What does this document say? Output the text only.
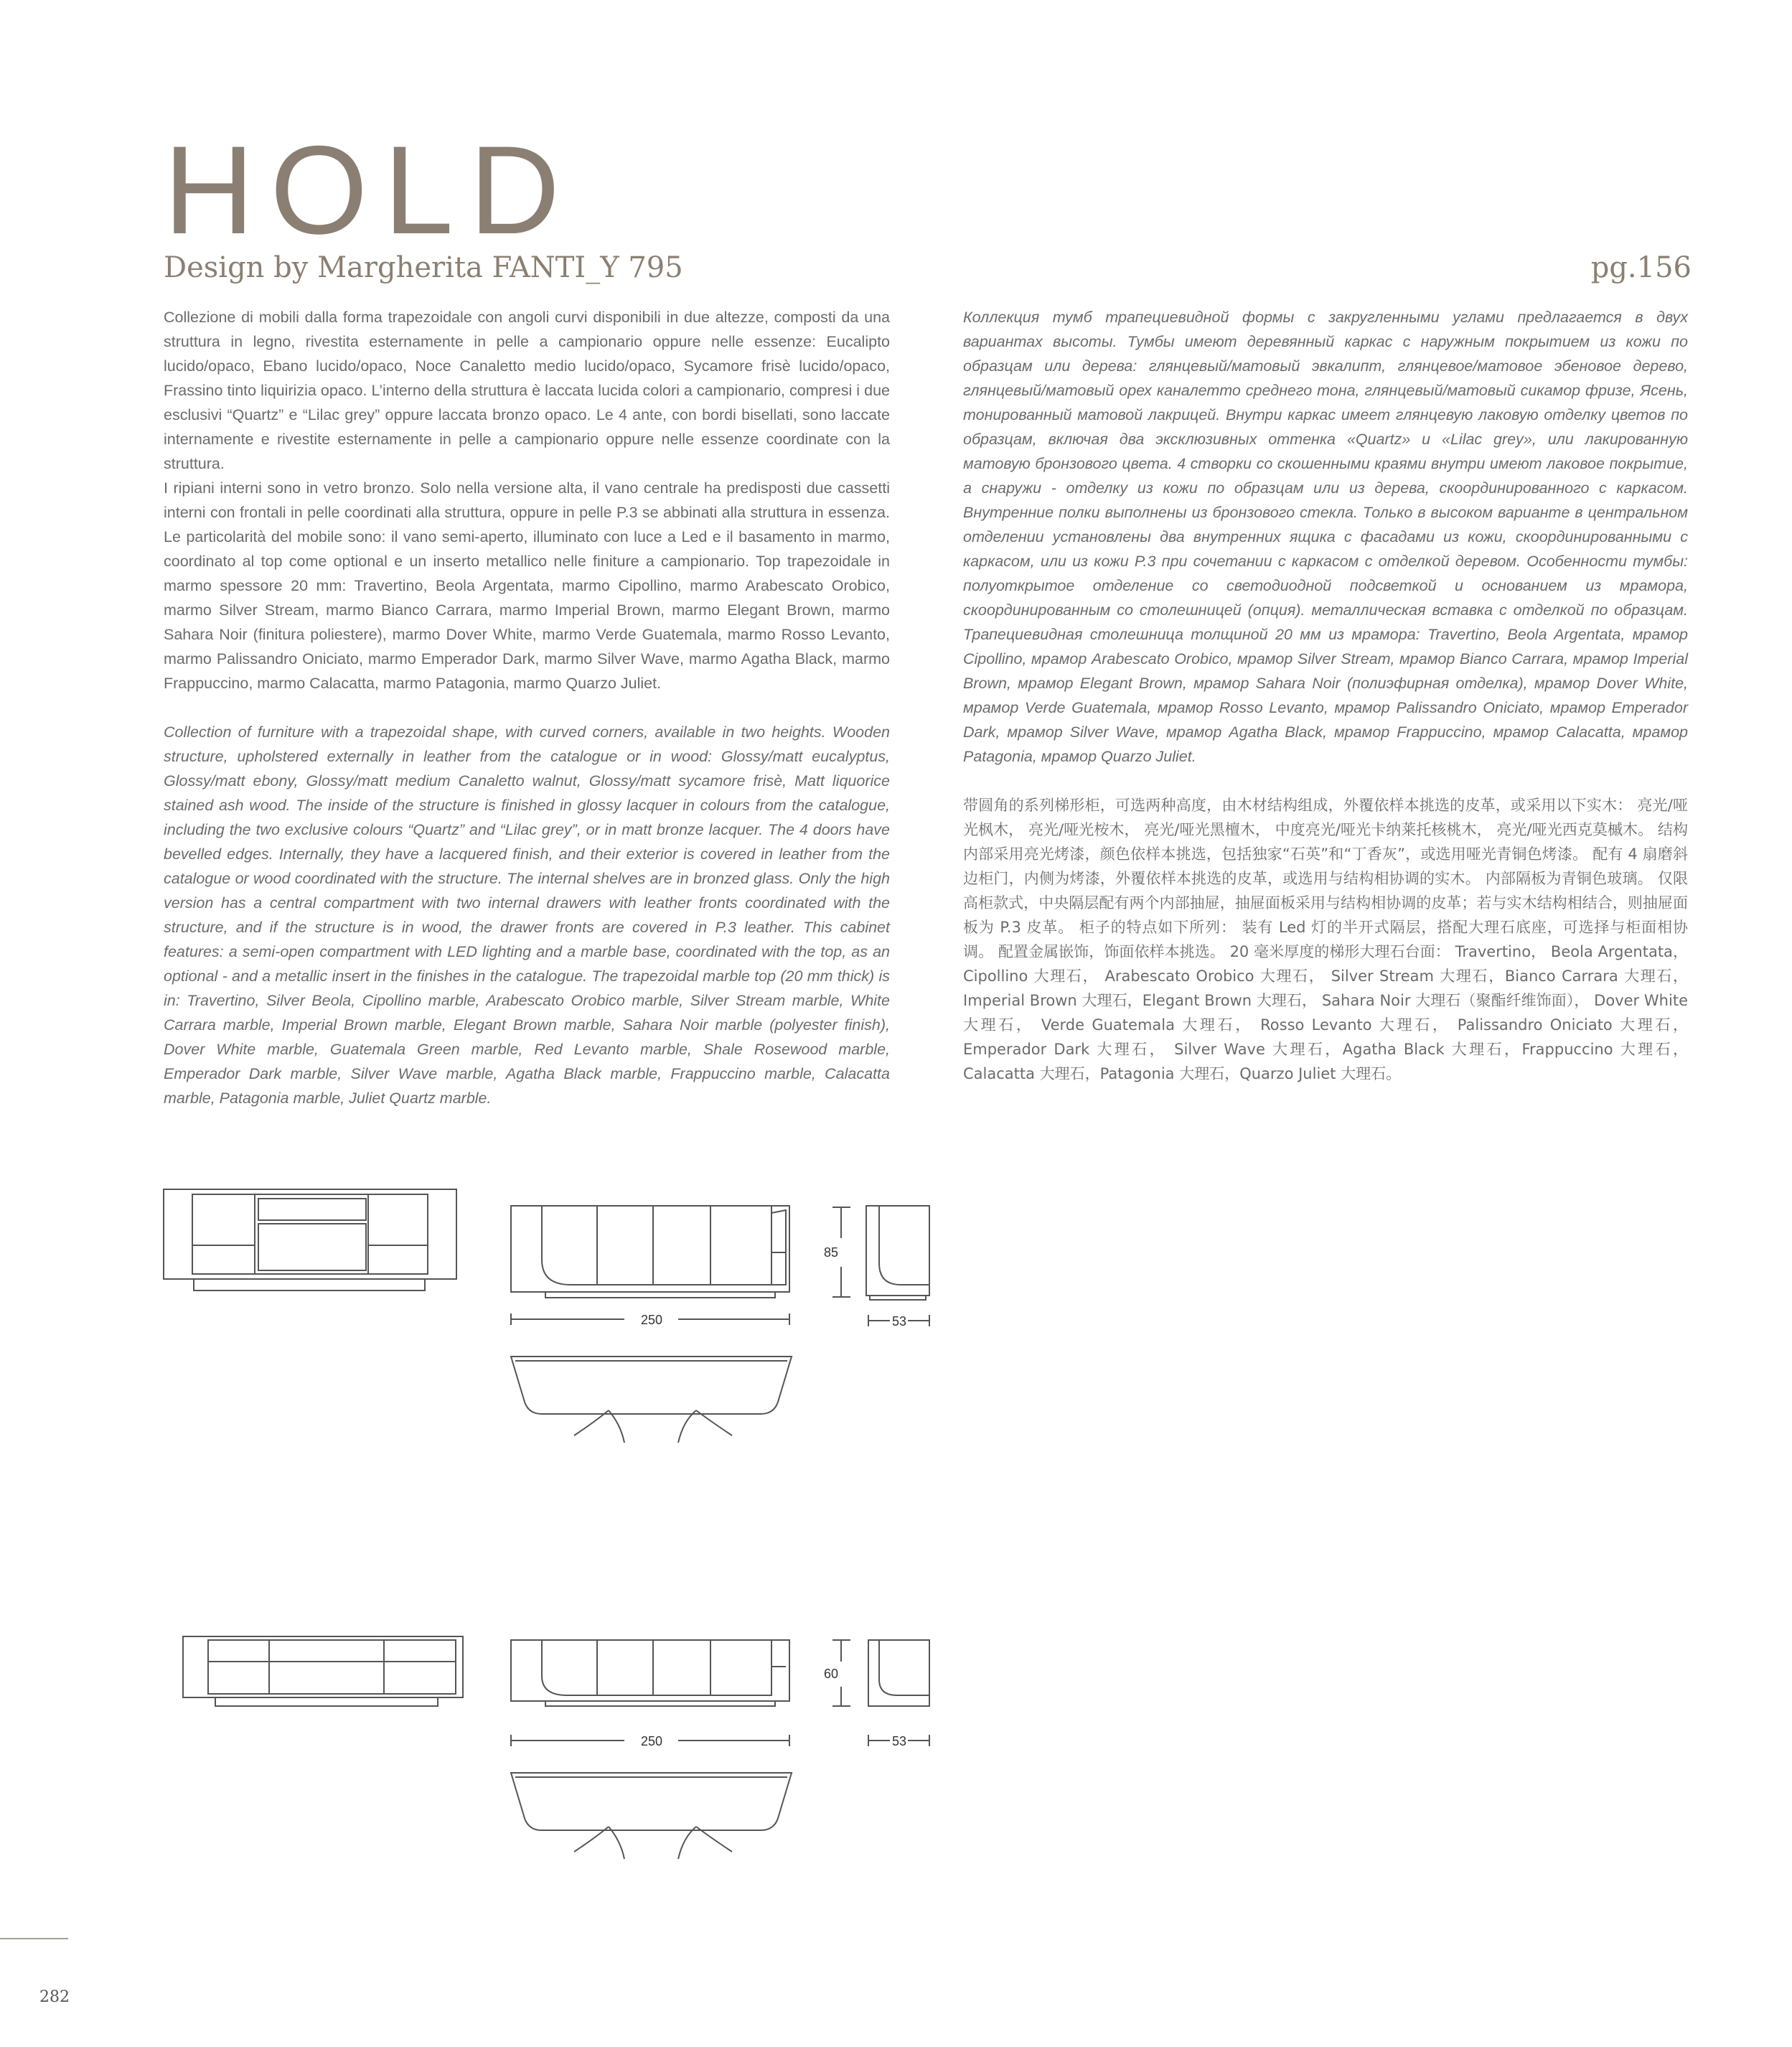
HOLD
Design by Margherita FANTI_Y 795	pg.156

Collezione di mobili dalla forma trapezoidale con angoli curvi disponibili in due altezze, composti da una struttura in legno, rivestita esternamente in pelle a campionario oppure nelle essenze: Eucalipto lucido/opaco, Ebano lucido/opaco, Noce Canaletto medio lucido/opaco, Sycamore frisè lucido/opaco, Frassino tinto liquirizia opaco. L’interno della struttura è laccata lucida colori a campionario, compresi i due esclusivi “Quartz” e “Lilac grey” oppure laccata bronzo opaco. Le 4 ante, con bordi bisellati, sono laccate internamente e rivestite esternamente in pelle a campionario oppure nelle essenze coordinate con la struttura.

I ripiani interni sono in vetro bronzo. Solo nella versione alta, il vano centrale ha predisposti due cassetti interni con frontali in pelle coordinati alla struttura, oppure in pelle P.3 se abbinati alla struttura in essenza. Le particolarità del mobile sono: il vano semi-aperto, illuminato con luce a Led e il basamento in marmo, coordinato al top come optional e un inserto metallico nelle finiture a campionario. Top trapezoidale in marmo spessore 20 mm: Travertino, Beola Argentata, marmo Cipollino, marmo Arabescato Orobico, marmo Silver Stream, marmo Bianco Carrara, marmo Imperial Brown, marmo Elegant Brown, marmo Sahara Noir (finitura poliestere), marmo Dover White, marmo Verde Guatemala, marmo Rosso Levanto, marmo Palissandro Oniciato, marmo Emperador Dark, marmo Silver Wave, marmo Agatha Black, marmo Frappuccino, marmo Calacatta, marmo Patagonia, marmo Quarzo Juliet.

Collection of furniture with a trapezoidal shape, with curved corners, available in two heights. Wooden structure, upholstered externally in leather from the catalogue or in wood: Glossy/matt eucalyptus, Glossy/matt ebony, Glossy/matt medium Canaletto walnut, Glossy/matt sycamore frisè, Matt liquorice stained ash wood. The inside of the structure is finished in glossy lacquer in colours from the catalogue, including the two exclusive colours “Quartz” and “Lilac grey”, or in matt bronze lacquer. The 4 doors have bevelled edges. Internally, they have a lacquered finish, and their exterior is covered in leather from the catalogue or wood coordinated with the structure. The internal shelves are in bronzed glass. Only the high version has a central compartment with two internal drawers with leather fronts coordinated with the structure, and if the structure is in wood, the drawer fronts are covered in P.3 leather. This cabinet features: a semi-open compartment with LED lighting and a marble base, coordinated with the top, as an optional - and a metallic insert in the finishes in the catalogue. The trapezoidal marble top (20 mm thick) is in: Travertino, Silver Beola, Cipollino marble, Arabescato Orobico marble, Silver Stream marble, White Carrara marble, Imperial Brown marble, Elegant Brown marble, Sahara Noir marble (polyester finish), Dover White marble, Guatemala Green marble, Red Levanto marble, Shale Rosewood marble, Emperador Dark marble, Silver Wave marble, Agatha Black marble, Frappuccino marble, Calacatta marble, Patagonia marble, Juliet Quartz marble.

Коллекция тумб трапециевидной формы с закругленными углами предлагается в двух вариантах высоты. Тумбы имеют деревянный каркас с наружным покрытием из кожи по образцам или дерева: глянцевый/матовый эвкалипт, глянцевое/матовое эбеновое дерево, глянцевый/матовый орех каналетто среднего тона, глянцевый/матовый сикамор фризе, Ясень, тонированный матовой лакрицей. Внутри каркас имеет глянцевую лаковую отделку цветов по образцам, включая два эксклюзивных оттенка «Quartz» и «Lilac grey», или лакированную матовую бронзового цвета. 4 створки со скошенными краями внутри имеют лаковое покрытие, а снаружи - отделку из кожи по образцам или из дерева, скоординированного с каркасом. Внутренние полки выполнены из бронзового стекла. Только в высоком варианте в центральном отделении установлены два внутренних ящика с фасадами из кожи, скоординированными с каркасом, или из кожи P.3 при сочетании с каркасом с отделкой деревом. Особенности тумбы: полуоткрытое отделение со светодиодной подсветкой и основанием из мрамора, скоординированным со столешницей (опция). металлическая вставка с отделкой по образцам. Трапециевидная столешница толщиной 20 мм из мрамора: Travertino, Beola Argentata, мрамор Cipollino, мрамор Arabescato Orobico, мрамор Silver Stream, мрамор Bianco Carrara, мрамор Imperial Brown, мрамор Elegant Brown, мрамор Sahara Noir (полиэфирная отделка), мрамор Dover White, мрамор Verde Guatemala, мрамор Rosso Levanto, мрамор Palissandro Oniciato, мрамор Emperador Dark, мрамор Silver Wave, мрамор Agatha Black, мрамор Frappuccino, мрамор Calacatta, мрамор Patagonia, мрамор Quarzo Juliet.

带圆角的系列梯形柜，可选两种高度，由木材结构组成，外覆依样本挑选的皮革，或采用以下实木： 亮光/哑光枫木， 亮光/哑光桉木， 亮光/哑光黑檀木， 中度亮光/哑光卡纳莱托核桃木， 亮光/哑光西克莫槭木。 结构内部采用亮光烤漆，颜色依样本挑选，包括独家“石英”和“丁香灰”，或选用哑光青铜色烤漆。 配有 4 扇磨斜边柜门，内侧为烤漆，外覆依样本挑选的皮革，或选用与结构相协调的实木。 内部隔板为青铜色玻璃。 仅限高柜款式，中央隔层配有两个内部抽屉，抽屉面板采用与结构相协调的皮革；若与实木结构相结合，则抽屉面板为 P.3 皮革。 柜子的特点如下所列： 装有 Led 灯的半开式隔层，搭配大理石底座，可选择与柜面相协调。 配置金属嵌饰，饰面依样本挑选。 20 毫米厚度的梯形大理石台面： Travertino， Beola Argentata， Cipollino 大理石， Arabescato Orobico 大理石， Silver Stream 大理石，Bianco Carrara 大理石， Imperial Brown 大理石，Elegant Brown 大理石， Sahara Noir 大理石（聚酯纤维饰面）， Dover White 大理石， Verde Guatemala 大理石， Rosso Levanto 大理石， Palissandro Oniciato 大理石， Emperador Dark 大理石， Silver Wave 大理石，Agatha Black 大理石，Frappuccino 大理石，Calacatta 大理石，Patagonia 大理石，Quarzo Juliet 大理石。

85
250	53
60
250	53
282
